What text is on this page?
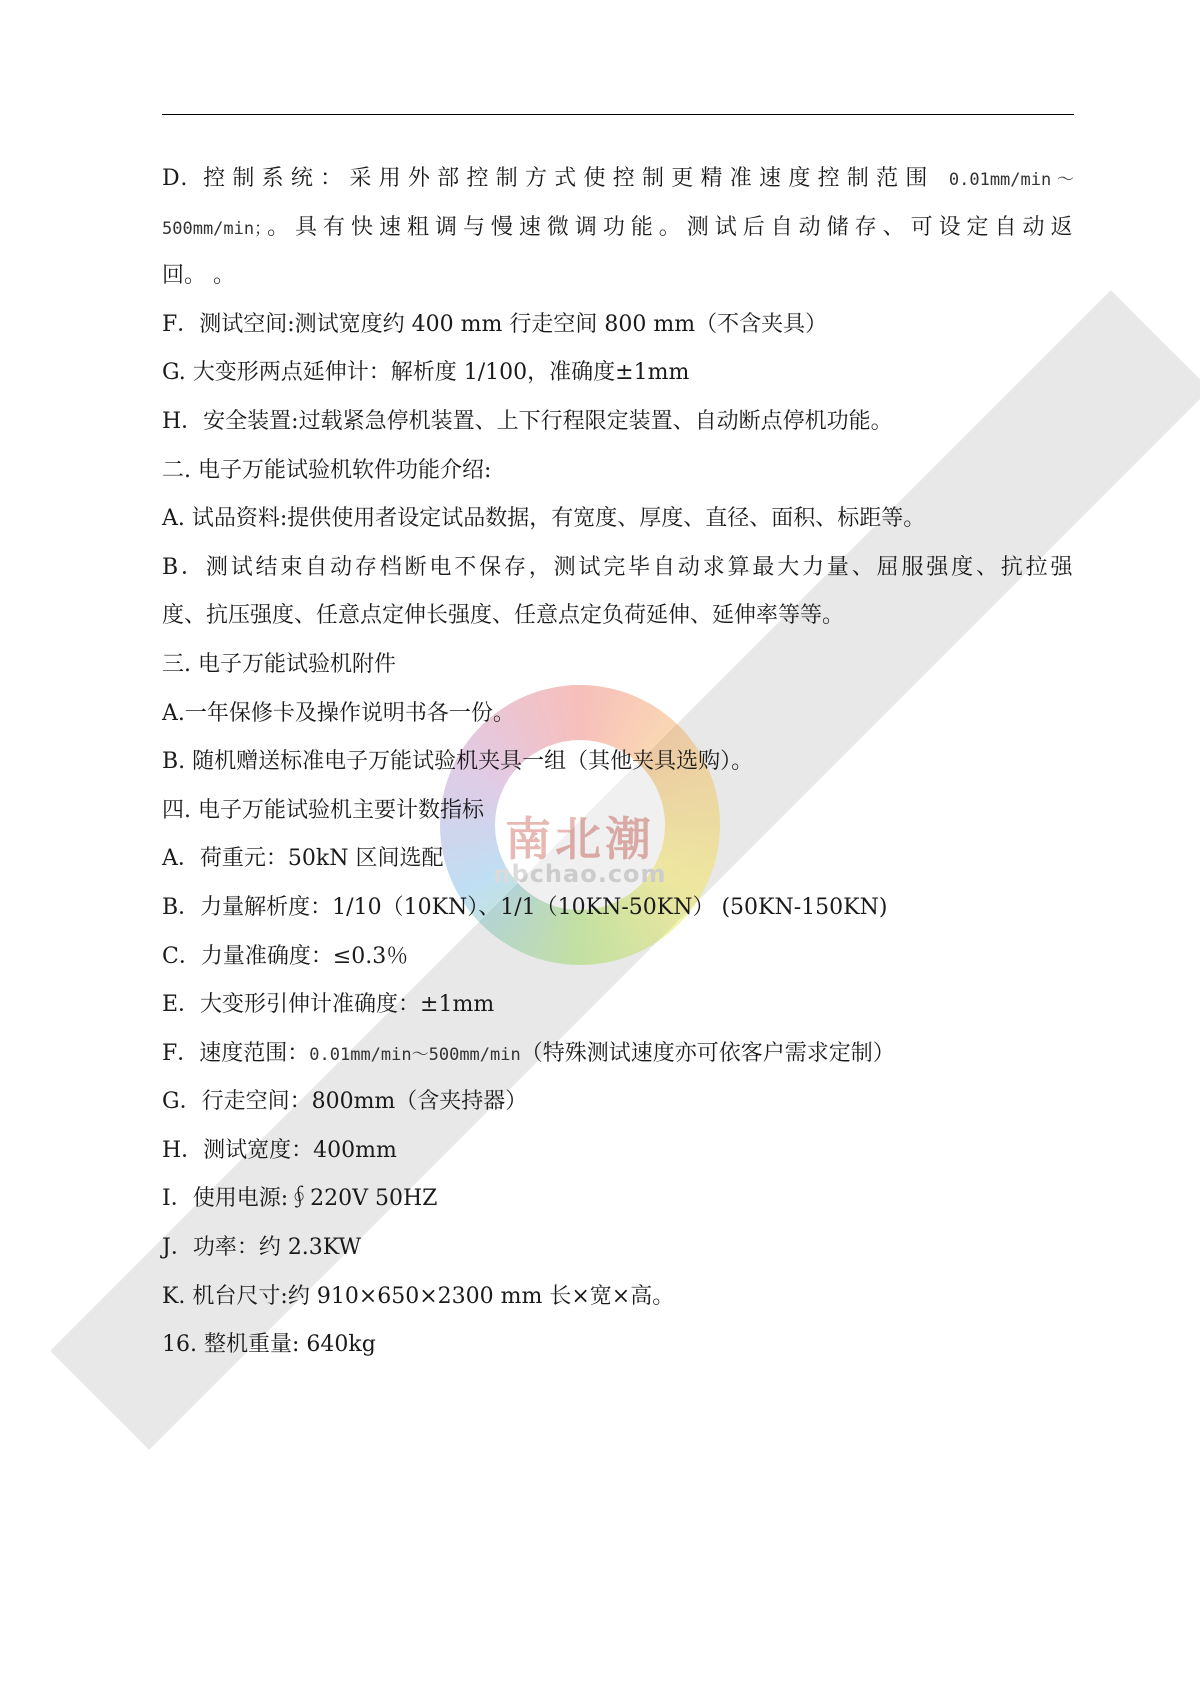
南北潮
nbchao.com
D. 控制系统：采用外部控制方式使控制更精准速度控制范围 0.01mm/min～
500mm/min；。具有快速粗调与慢速微调功能。测试后自动储存、可设定自动返
回。 。
F．测试空间:测试宽度约 400 mm 行走空间 800 mm（不含夹具）
G. 大变形两点延伸计：解析度 1/100，准确度±1mm
H．安全装置:过载紧急停机装置、上下行程限定装置、自动断点停机功能。
二. 电子万能试验机软件功能介绍:
A. 试品资料:提供使用者设定试品数据，有宽度、厚度、直径、面积、标距等。
B．测试结束自动存档断电不保存，测试完毕自动求算最大力量、屈服强度、抗拉强
度、抗压强度、任意点定伸长强度、任意点定负荷延伸、延伸率等等。
三. 电子万能试验机附件
A.一年保修卡及操作说明书各一份。
B. 随机赠送标准电子万能试验机夹具一组（其他夹具选购）。
四. 电子万能试验机主要计数指标
A．荷重元：50kN 区间选配
B．力量解析度：1/10（10KN）、1/1（10KN-50KN） (50KN-150KN)
C．力量准确度：≤0.3％
E．大变形引伸计准确度：±1mm
F．速度范围：0.01mm/min～500mm/min（特殊测试速度亦可依客户需求定制）
G．行走空间：800mm（含夹持器）
H．测试宽度：400mm
I．使用电源:∮220V 50HZ
J．功率：约 2.3KW
K. 机台尺寸:约 910×650×2300 mm 长×宽×高。
16. 整机重量: 640kg
